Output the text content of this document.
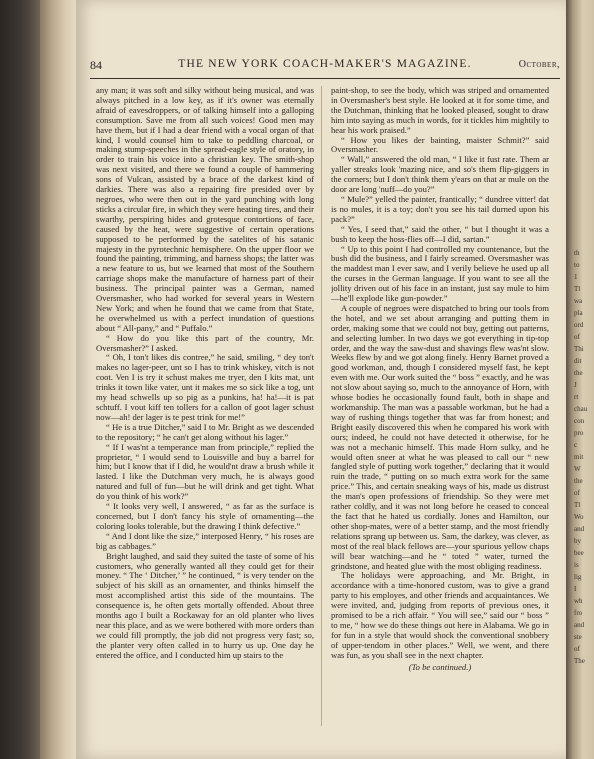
84	THE NEW YORK COACH-MAKER'S MAGAZINE.	October,

any man; it was soft and silky without being musical, and was always pitched in a low key, as if it's owner was eternally afraid of eavesdroppers, or of talking himself into a galloping consumption. Save me from all such voices! Good men may have them, but if I had a dear friend with a vocal organ of that kind, I would counsel him to take to peddling charcoal, or making stump-speeches in the spread-eagle style of oratory, in order to train his voice into a christian key. The smith-shop was next visited, and there we found a couple of hammering sons of Vulcan, assisted by a brace of the darkest kind of darkies. There was also a repairing fire presided over by negroes, who were then out in the yard punching with long sticks a circular fire, in which they were heating tires, and their swarthy, perspiring hides and grotesque contortions of face, caused by the heat, were suggestive of certain operations supposed to be performed by the satelites of his satanic majesty in the pyrotechnic hemisphere. On the upper floor we found the painting, trimming, and harness shops; the latter was a new feature to us, but we learned that most of the Southern carriage shops make the manufacture of harness part of their business. The principal painter was a German, named Oversmasher, who had worked for several years in Western New York; and when he found that we came from that State, he overwhelmed us with a perfect inundation of questions about “ All-pany,” and “ Puffalo.”

“ How do you like this part of the country, Mr. Oversmasher?” I asked.

“ Oh, I ton't likes dis contree,” he said, smiling, “ dey ton't makes no lager-peer, unt so I has to trink whiskey, vitch is not coot. Ven I is try it schust makes me tryer, den I kits mat, unt trinks it town like vater, unt it makes me so sick like a tog, unt my head schwells up so pig as a punkins, ha! ha!—it is pat schtuff. I vout kiff ten tollers for a callon of goot lager schust now—ah! der lager is te pest trink for me!”

“ He is a true Ditcher,” said I to Mr. Bright as we descended to the repository; “ he can't get along without his lager.”

“ If I was'nt a temperance man from principle,” replied the proprietor, “ I would send to Louisville and buy a barrel for him; but I know that if I did, he would'nt draw a brush while it lasted. I like the Dutchman very much, he is always good natured and full of fun—but he will drink and get tight. What do you think of his work?”

“ It looks very well, I answered, “ as far as the surface is concerned, but I don't fancy his style of ornamenting—the coloring looks tolerable, but the drawing I think defective.”

“ And I dont like the size,” interposed Henry, “ his roses are big as cabbages.”

Bright laughed, and said they suited the taste of some of his customers, who generally wanted all they could get for their money. “ The ‘ Ditcher,’ ” he continued, “ is very tender on the subject of his skill as an ornamenter, and thinks himself the most accomplished artist this side of the mountains. The consequence is, he often gets mortally offended. About three months ago I built a Rockaway for an old planter who lives near this place, and as we were bothered with more orders than we could fill promptly, the job did not progress very fast; so, the planter very often called in to hurry us up. One day he entered the office, and I conducted him up stairs to the

paint-shop, to see the body, which was striped and ornamented in Oversmasher's best style. He looked at it for some time, and the Dutchman, thinking that he looked pleased, sought to draw him into saying as much in words, for it tickles him mightily to hear his work praised.”

“ How you likes der bainting, maister Schmit?” said Oversmasher.

“ Wall,” answered the old man, “ I like it fust rate. Them ar yaller streaks look 'mazing nice, and so's them flip-giggers in the corners; but I don't think them y'ears on that ar mule on the door are long 'nuff—do you?”

“ Mule?” yelled the painter, frantically; “ dundree vitter! dat is no mules, it is a toy; don't you see his tail durned upon his pack?”

“ Yes, I seed that,” said the other, “ but I thought it was a bush to keep the hoss-flies off—I did, sartan.”

“ Up to this point I had controlled my countenance, but the bush did the business, and I fairly screamed. Oversmasher was the maddest man I ever saw, and I verily believe he used up all the curses in the German language. If you want to see all the jollity driven out of his face in an instant, just say mule to him—he'll explode like gun-powder.”

A couple of negroes were dispatched to bring our tools from the hotel, and we set about arranging and putting them in order, making some that we could not buy, getting out patterns, and selecting lumber. In two days we got everything in tip-top order, and the way the saw-dust and shavings flew was'nt slow. Weeks flew by and we got along finely. Henry Barnet proved a good workman, and, though I considered myself fast, he kept even with me. Our work suited the “ boss ” exactly, and he was not slow about saying so, much to the annoyance of Horn, with whose bodies he occasionally found fault, both in shape and workmanship. The man was a passable workman, but he had a way of rushing things together that was far from honest; and Bright easily discovered this when he compared his work with ours; indeed, he could not have detected it otherwise, for he was not a mechanic himself. This made Horn sulky, and he would often sneer at what he was pleased to call our “ new fangled style of putting work together,” declaring that it would ruin the trade, “ putting on so much extra work for the same price.” This, and certain sneaking ways of his, made us distrust the man's open professions of friendship. So they were met rather coldly, and it was not long before he ceased to conceal the fact that he hated us cordially. Jones and Hamilton, our other shop-mates, were of a better stamp, and the most friendly relations sprang up between us. Sam, the darkey, was clever, as most of the real black fellows are—your spurious yellow chaps will bear watching—and he “ toted ” water, turned the grindstone, and heated glue with the most obliging readiness.

The holidays were approaching, and Mr. Bright, in accordance with a time-honored custom, was to give a grand party to his employes, and other friends and acquaintances. We were invited, and, judging from reports of previous ones, it promised to be a rich affair. “ You will see,” said our “ boss ” to me, “ how we do these things out here in Alabama. We go in for fun in a style that would shock the conventional snobbery of upper-tendom in other places.” Well, we went, and there was fun, as you shall see in the next chapter.

(To be continued.)

th
to
1
Tl
wa
pla
ord
of
Thi
dit
the
J
rt
chau
con
pro
c
mit
W
the
of
Tl
Wo
and
by
bee
is
lig
I
wh
fro
and
ste
of
The
